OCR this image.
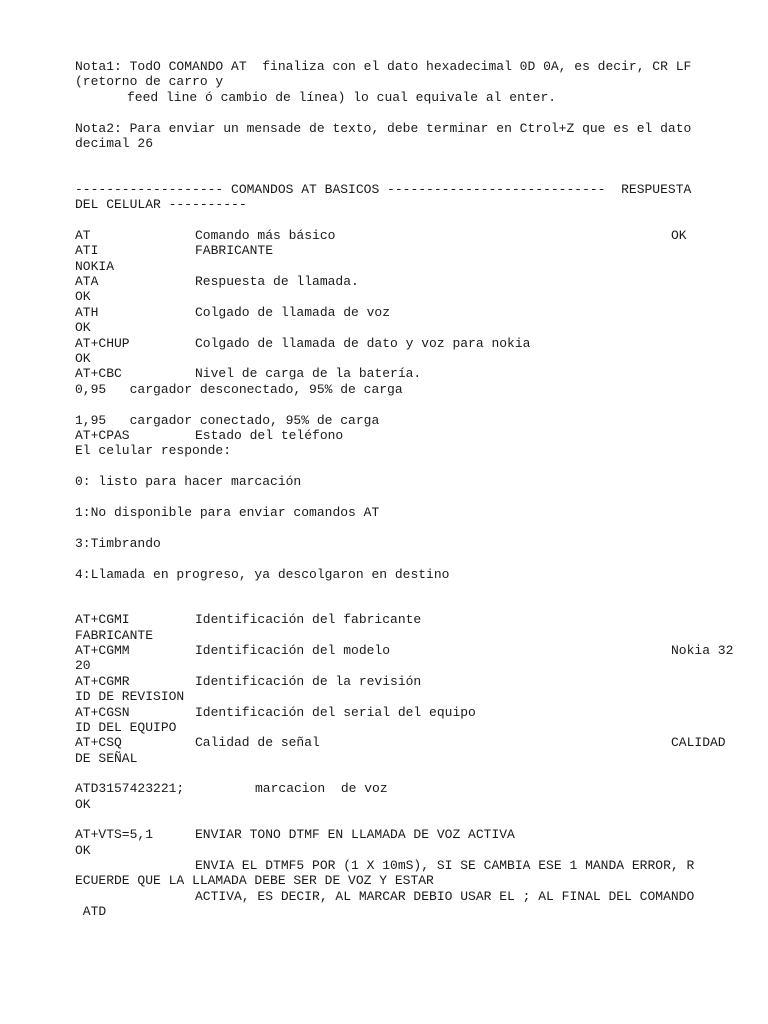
Nota1: TodO COMANDO AT  finaliza con el dato hexadecimal 0D 0A, es decir, CR LF
(retorno de carro y
feed line ó cambio de línea) lo cual equivale al enter.
Nota2: Para enviar un mensade de texto, debe terminar en Ctrol+Z que es el dato
decimal 26
------------------- COMANDOS AT BASICOS ----------------------------  RESPUESTA
DEL CELULAR ----------
AT	Comando más básico	OK
ATI	FABRICANTE
NOKIA
ATA	Respuesta de llamada.
OK
ATH	Colgado de llamada de voz
OK
AT+CHUP	Colgado de llamada de dato y voz para nokia
OK
AT+CBC	Nivel de carga de la batería.
0,95   cargador desconectado, 95% de carga
1,95   cargador conectado, 95% de carga
AT+CPAS	Estado del teléfono
El celular responde:
0: listo para hacer marcación
1:No disponible para enviar comandos AT
3:Timbrando
4:Llamada en progreso, ya descolgaron en destino
AT+CGMI	Identificación del fabricante
FABRICANTE
AT+CGMM	Identificación del modelo	Nokia 32
20
AT+CGMR	Identificación de la revisión
ID DE REVISION
AT+CGSN	Identificación del serial del equipo
ID DEL EQUIPO
AT+CSQ	Calidad de señal	CALIDAD
DE SEÑAL
ATD3157423221;	marcacion  de voz
OK
AT+VTS=5,1	ENVIAR TONO DTMF EN LLAMADA DE VOZ ACTIVA
OK
ENVIA EL DTMF5 POR (1 X 10mS), SI SE CAMBIA ESE 1 MANDA ERROR, R
ECUERDE QUE LA LLAMADA DEBE SER DE VOZ Y ESTAR
ACTIVA, ES DECIR, AL MARCAR DEBIO USAR EL ; AL FINAL DEL COMANDO
ATD
